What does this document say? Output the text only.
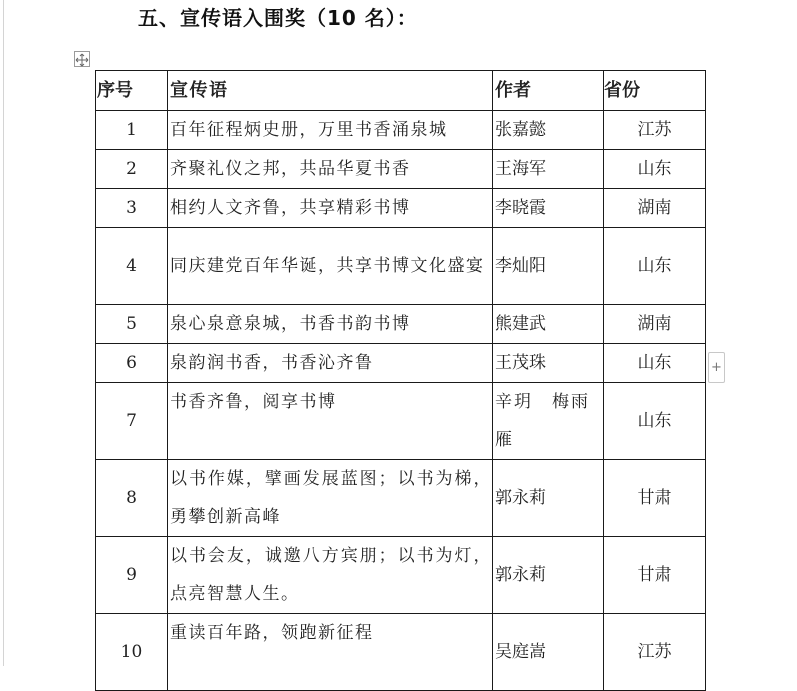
五、宣传语入围奖（10 名）：
+
序号	宣传语	作者	省份
1	百年征程炳史册，万里书香涌泉城	张嘉懿	江苏
2	齐聚礼仪之邦，共品华夏书香	王海军	山东
3	相约人文齐鲁，共享精彩书博	李晓霞	湖南
4	同庆建党百年华诞，共享书博文化盛宴	李灿阳	山东
5	泉心泉意泉城，书香书韵书博	熊建武	湖南
6	泉韵润书香，书香沁齐鲁	王茂珠	山东
7	书香齐鲁，阅享书博	辛玥　梅雨雁	山东
8	以书作媒，擘画发展蓝图；以书为梯，勇攀创新高峰	郭永莉	甘肃
9	以书会友，诚邀八方宾朋；以书为灯，点亮智慧人生。	郭永莉	甘肃
10	重读百年路，领跑新征程	吴庭嵩	江苏
